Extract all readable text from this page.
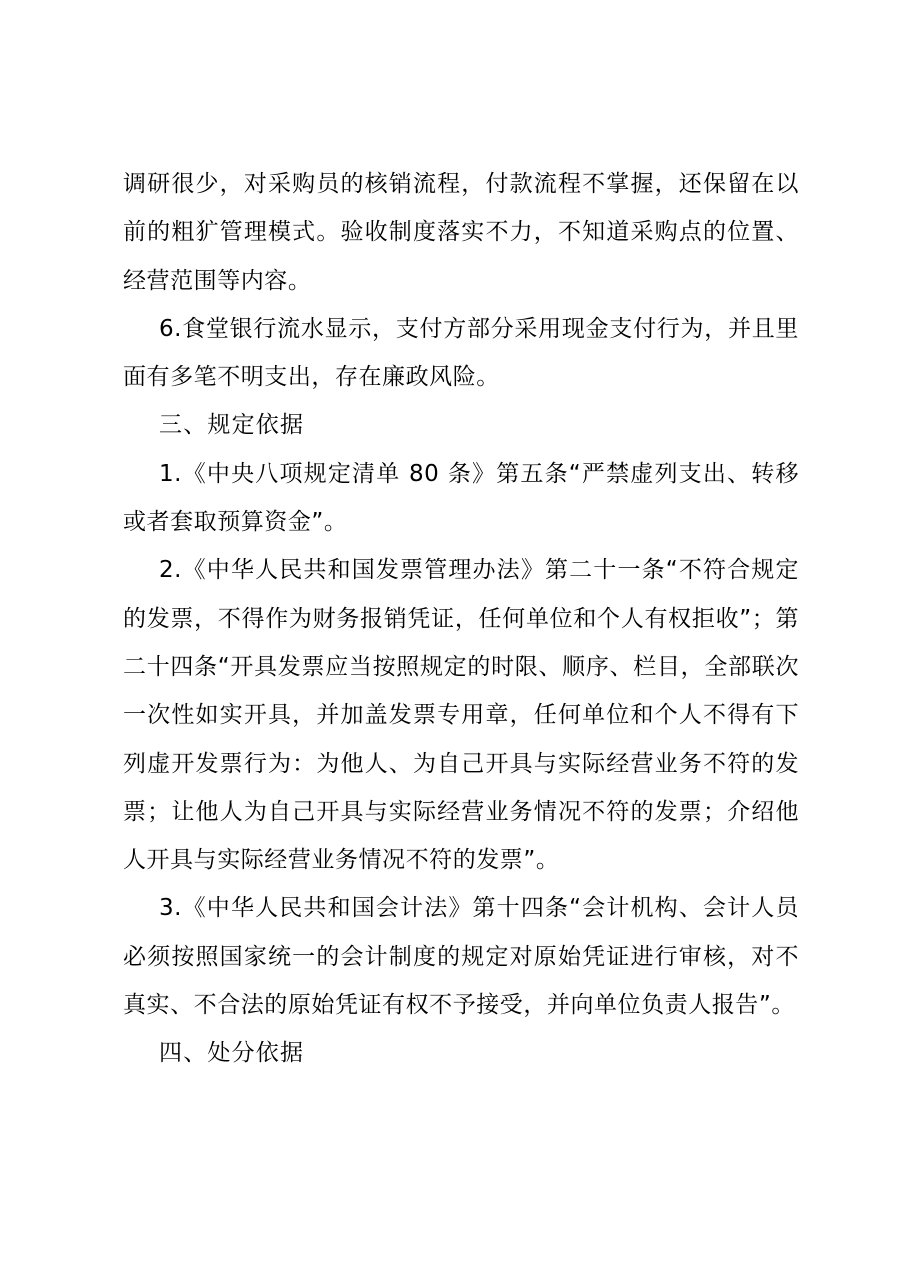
调研很少，对采购员的核销流程，付款流程不掌握，还保留在以前的粗犷管理模式。验收制度落实不力，不知道采购点的位置、经营范围等内容。

6.食堂银行流水显示，支付方部分采用现金支付行为，并且里面有多笔不明支出，存在廉政风险。

三、规定依据

1.《中央八项规定清单 80 条》第五条“严禁虚列支出、转移或者套取预算资金”。

2.《中华人民共和国发票管理办法》第二十一条“不符合规定的发票，不得作为财务报销凭证，任何单位和个人有权拒收”；第二十四条“开具发票应当按照规定的时限、顺序、栏目，全部联次一次性如实开具，并加盖发票专用章，任何单位和个人不得有下列虚开发票行为：为他人、为自己开具与实际经营业务不符的发票；让他人为自己开具与实际经营业务情况不符的发票；介绍他人开具与实际经营业务情况不符的发票”。

3.《中华人民共和国会计法》第十四条“会计机构、会计人员必须按照国家统一的会计制度的规定对原始凭证进行审核，对不真实、不合法的原始凭证有权不予接受，并向单位负责人报告”。

四、处分依据
